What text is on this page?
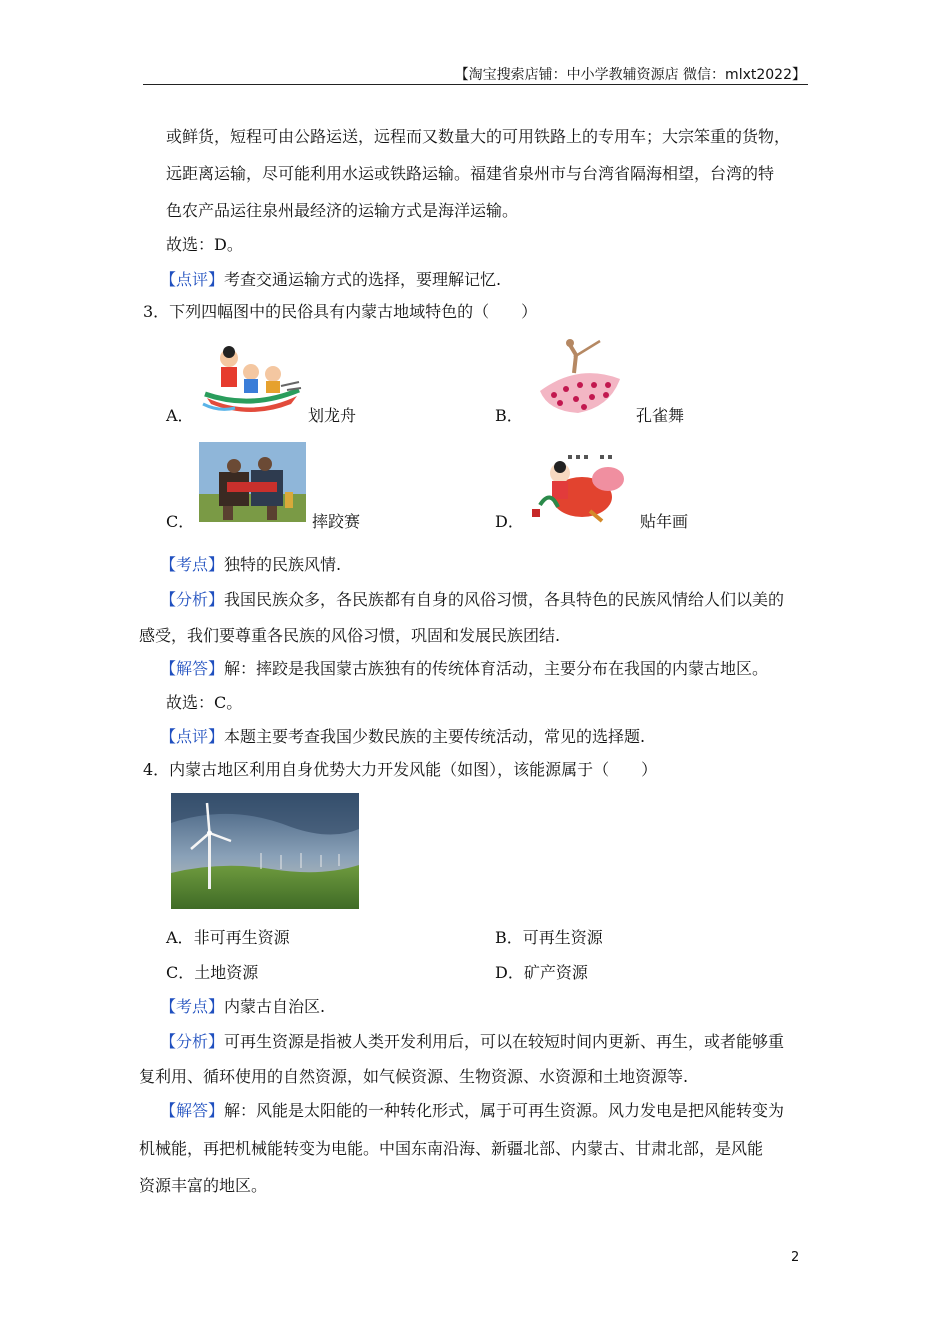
【淘宝搜索店铺：中小学教辅资源店 微信：mlxt2022】
或鲜货，短程可由公路运送，远程而又数量大的可用铁路上的专用车；大宗笨重的货物，
远距离运输，尽可能利用水运或铁路运输。福建省泉州市与台湾省隔海相望，台湾的特
色农产品运往泉州最经济的运输方式是海洋运输。
故选：D。
【点评】考查交通运输方式的选择，要理解记忆.
3．下列四幅图中的民俗具有内蒙古地域特色的（　　）
A．	划龙舟	B．	孔雀舞
C．	摔跤赛	D．	贴年画
【考点】独特的民族风情.
【分析】我国民族众多，各民族都有自身的风俗习惯，各具特色的民族风情给人们以美的
感受，我们要尊重各民族的风俗习惯，巩固和发展民族团结.
【解答】解：摔跤是我国蒙古族独有的传统体育活动，主要分布在我国的内蒙古地区。
故选：C。
【点评】本题主要考查我国少数民族的主要传统活动，常见的选择题.
4．内蒙古地区利用自身优势大力开发风能（如图），该能源属于（　　）
A．非可再生资源	B．可再生资源
C．土地资源	D．矿产资源
【考点】内蒙古自治区.
【分析】可再生资源是指被人类开发利用后，可以在较短时间内更新、再生，或者能够重
复利用、循环使用的自然资源，如气候资源、生物资源、水资源和土地资源等.
【解答】解：风能是太阳能的一种转化形式，属于可再生资源。风力发电是把风能转变为
机械能，再把机械能转变为电能。中国东南沿海、新疆北部、内蒙古、甘肃北部，是风能
资源丰富的地区。
2
